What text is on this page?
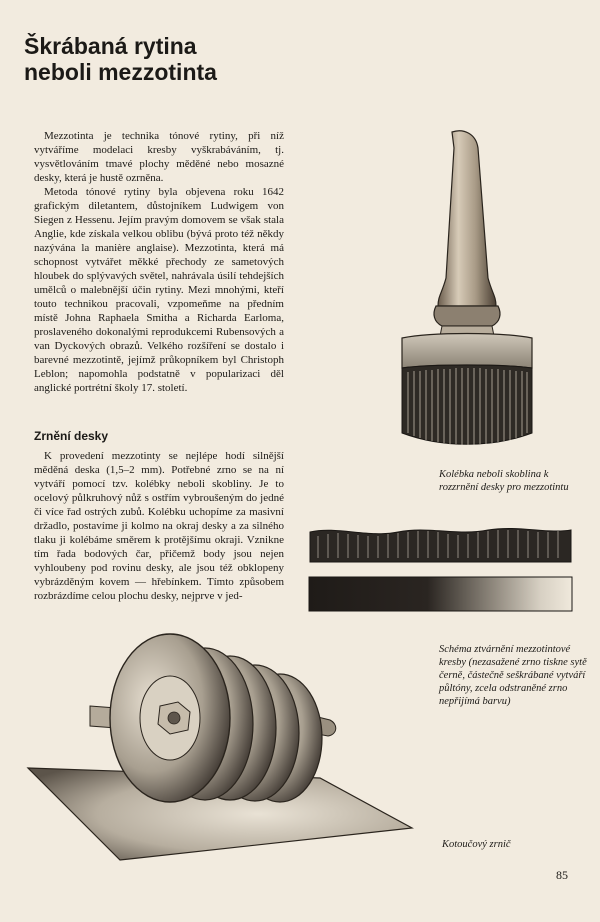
Škrábaná rytina
neboli mezzotinta

Mezzotinta je technika tónové rytiny, při níž vytváříme modelaci kresby vyškrabáváním, tj. vysvětlováním tmavé plochy měděné nebo mosazné desky, která je hustě ozrněna.

Metoda tónové rytiny byla objevena roku 1642 grafickým diletantem, důstojníkem Ludwigem von Siegen z Hessenu. Jejím pravým domovem se však stala Anglie, kde získala velkou oblibu (bývá proto též někdy nazývána la manière anglaise). Mezzotinta, která má schopnost vytvářet měkké přechody ze sametových hloubek do splývavých světel, nahrávala úsilí tehdejších umělců o malebnější účin rytiny. Mezi mnohými, kteří touto technikou pracovali, vzpomeňme na předním místě Johna Raphaela Smitha a Richarda Earloma, proslaveného dokonalými reprodukcemi Rubensových a van Dyckových obrazů. Velkého rozšíření se dostalo i barevné mezzotintě, jejímž průkopníkem byl Christoph Leblon; napomohla podstatně v popularizaci děl anglické portrétní školy 17. století.

Zrnění desky

K provedení mezzotinty se nejlépe hodí silnější měděná deska (1,5–2 mm). Potřebné zrno se na ní vytváří pomocí tzv. kolébky neboli skobliny. Je to ocelový půlkruhový nůž s ostřím vybroušeným do jedné či více řad ostrých zubů. Kolébku uchopíme za masivní držadlo, postavíme ji kolmo na okraj desky a za silného tlaku ji kolébáme směrem k protějšímu okraji. Vznikne tím řada bodových čar, přičemž body jsou nejen vyhloubeny pod rovinu desky, ale jsou též obklopeny vybrázděným kovem — hřebínkem. Tímto způsobem rozbrázdíme celou plochu desky, nejprve v jed-

Kolébka neboli skoblina k rozzrnění desky pro mezzotintu
Schéma ztvárnění mezzotintové kresby (nezasažené zrno tiskne sytě černě, částečně seškrábané vytváří půltóny, zcela odstraněné zrno nepřijímá barvu)
Kotoučový zrnič
85
